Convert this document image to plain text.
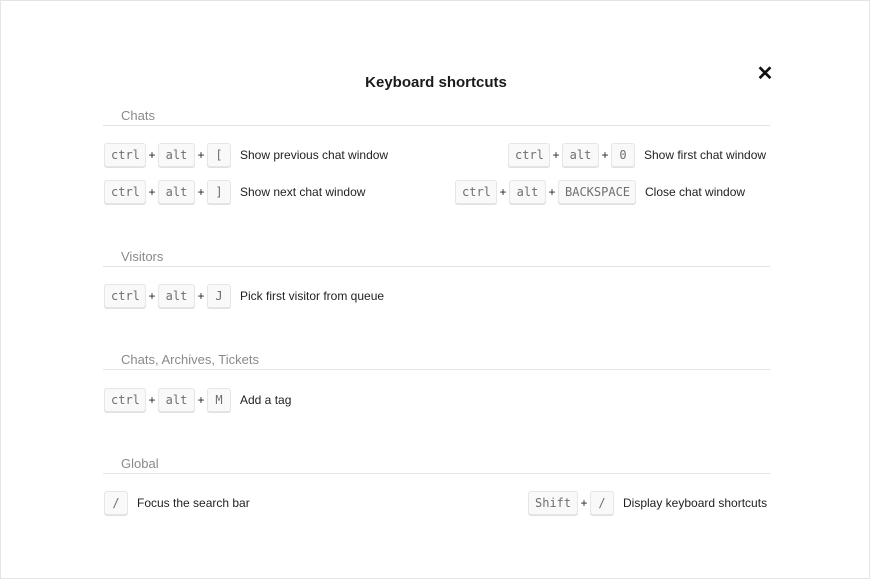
Keyboard shortcuts	✕
Chats
ctrl + alt + [	Show previous chat window	ctrl + alt + 0	Show first chat window
ctrl + alt + ]	Show next chat window	ctrl + alt + BACKSPACE	Close chat window
Visitors
ctrl + alt + J	Pick first visitor from queue
Chats, Archives, Tickets
ctrl + alt + M	Add a tag
Global
/	Focus the search bar	Shift + /	Display keyboard shortcuts
